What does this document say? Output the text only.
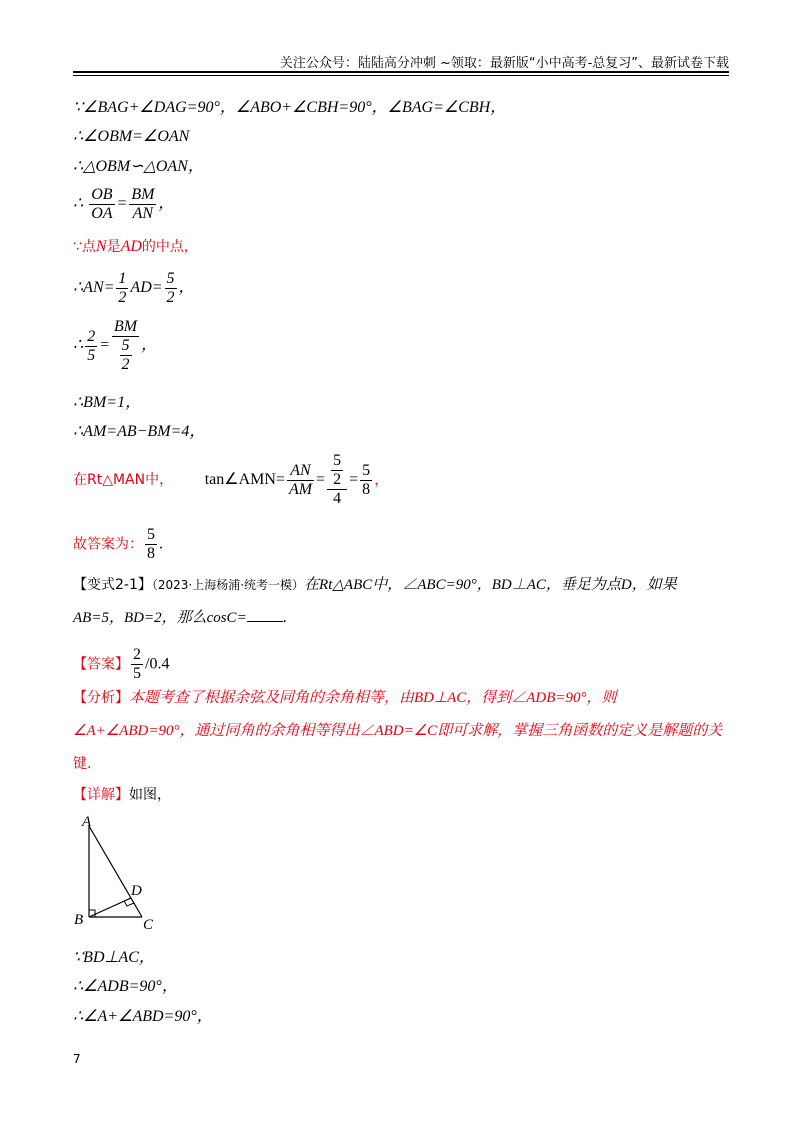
关注公众号：陆陆高分冲刺 ~领取：最新版“小中高考-总复习”、最新试卷下载
∵∠BAG+∠DAG=90°，∠ABO+∠CBH=90°，∠BAG=∠CBH，
∴∠OBM=∠OAN
∴△OBM∽△OAN，
∴ $\frac{OB}{OA} = \frac{BM}{AN}$ ，
∵点N是AD的中点，
∴AN= $\frac{1}{2} AD= \frac{5}{2}$ ，
∴ $\frac{2}{5} = \frac{BM}{\frac{5}{2}}$ ，
∴BM=1，
∴AM=AB−BM=4，
在Rt△MAN中， tan∠AMN= $\frac{AN}{AM} = \frac{\frac{5}{2}}{4} = \frac{5}{8}$ ，
故答案为： $\frac{5}{8}$ .
【变式2-1】（2023·上海杨浦·统考一模）在Rt△ABC中，∠ABC=90°，BD⊥AC，垂足为点D，如果
AB=5，BD=2，那么cosC= .
【答案】 $\frac{2}{5} /0.4$
【分析】本题考查了根据余弦及同角的余角相等，由BD⊥AC，得到∠ADB=90°，则
∠A+∠ABD=90°，通过同角的余角相等得出∠ABD=∠C即可求解，掌握三角函数的定义是解题的关
键.
【详解】如图，
A
B	C
D
∵BD⊥AC，
∴∠ADB=90°，
∴∠A+∠ABD=90°，
7
